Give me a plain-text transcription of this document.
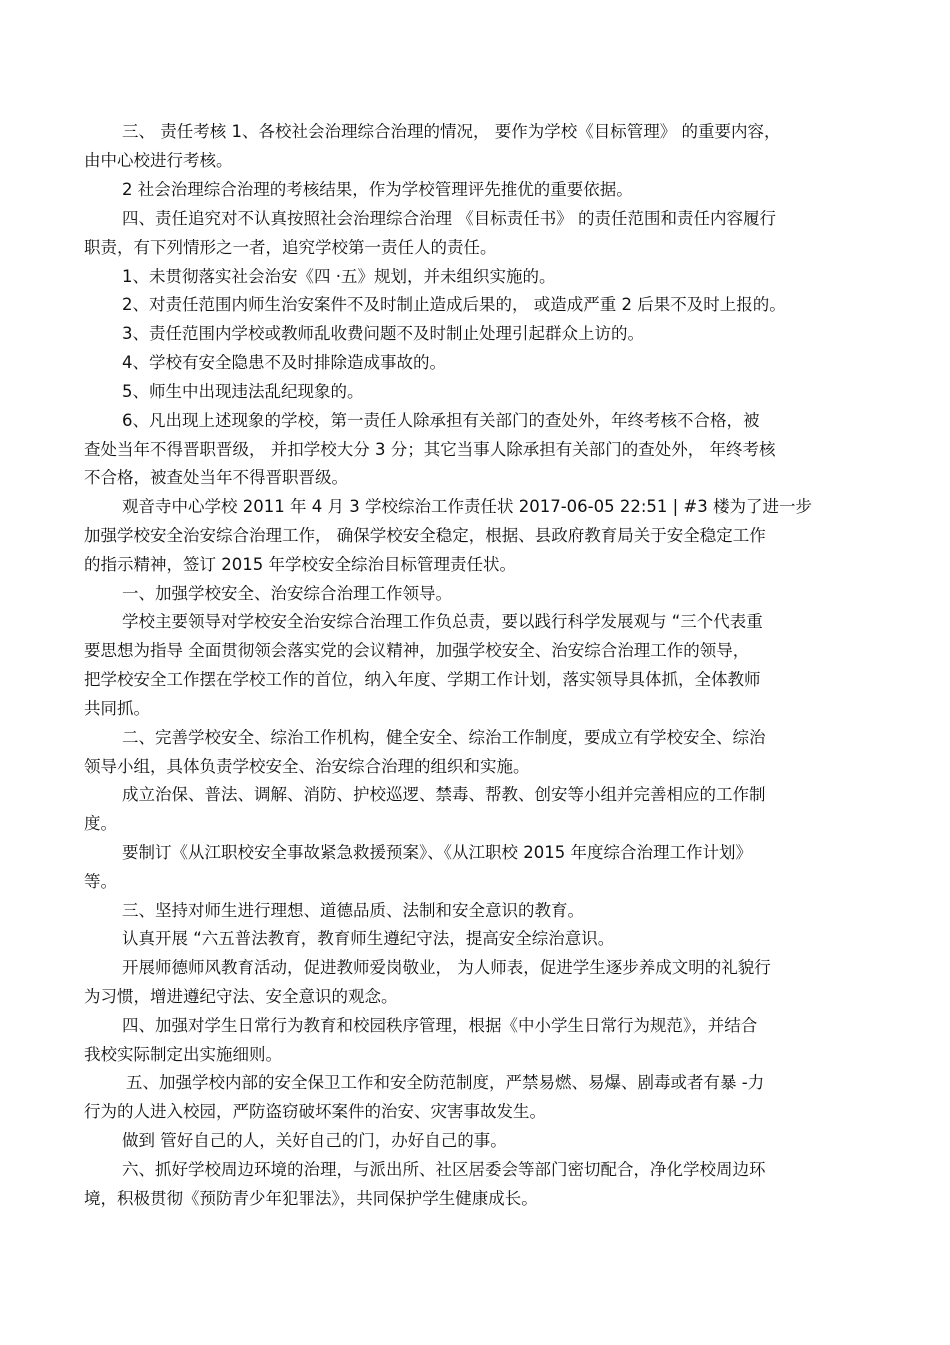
三、 责任考核 1、各校社会治理综合治理的情况， 要作为学校《目标管理》 的重要内容，
由中心校进行考核。
2 社会治理综合治理的考核结果，作为学校管理评先推优的重要依据。
四、责任追究对不认真按照社会治理综合治理 《目标责任书》 的责任范围和责任内容履行
职责，有下列情形之一者，追究学校第一责任人的责任。
1、未贯彻落实社会治安《四 ·五》规划，并未组织实施的。
2、对责任范围内师生治安案件不及时制止造成后果的， 或造成严重 2 后果不及时上报的。
3、责任范围内学校或教师乱收费问题不及时制止处理引起群众上访的。
4、学校有安全隐患不及时排除造成事故的。
5、师生中出现违法乱纪现象的。
6、凡出现上述现象的学校，第一责任人除承担有关部门的查处外，年终考核不合格，被
查处当年不得晋职晋级， 并扣学校大分 3 分；其它当事人除承担有关部门的查处外， 年终考核
不合格，被查处当年不得晋职晋级。
观音寺中心学校 2011 年 4 月 3 学校综治工作责任状 2017-06-05 22:51 | #3 楼为了进一步
加强学校安全治安综合治理工作， 确保学校安全稳定，根据、县政府教育局关于安全稳定工作
的指示精神，签订 2015 年学校安全综治目标管理责任状。
一、加强学校安全、治安综合治理工作领导。
学校主要领导对学校安全治安综合治理工作负总责，要以践行科学发展观与 “三个代表重
要思想为指导 全面贯彻领会落实党的会议精神，加强学校安全、治安综合治理工作的领导，
把学校安全工作摆在学校工作的首位，纳入年度、学期工作计划，落实领导具体抓，全体教师
共同抓。
二、完善学校安全、综治工作机构，健全安全、综治工作制度，要成立有学校安全、综治
领导小组，具体负责学校安全、治安综合治理的组织和实施。
成立治保、普法、调解、消防、护校巡逻、禁毒、帮教、创安等小组并完善相应的工作制
度。
要制订《从江职校安全事故紧急救援预案》、《从江职校 2015 年度综合治理工作计划》
等。
三、坚持对师生进行理想、道德品质、法制和安全意识的教育。
认真开展 “六五普法教育，教育师生遵纪守法，提高安全综治意识。
开展师德师风教育活动，促进教师爱岗敬业， 为人师表，促进学生逐步养成文明的礼貌行
为习惯，增进遵纪守法、安全意识的观念。
四、加强对学生日常行为教育和校园秩序管理，根据《中小学生日常行为规范》，并结合
我校实际制定出实施细则。
五、加强学校内部的安全保卫工作和安全防范制度，严禁易燃、易爆、剧毒或者有暴 -力
行为的人进入校园，严防盗窃破坏案件的治安、灾害事故发生。
做到 管好自己的人，关好自己的门，办好自己的事。
六、抓好学校周边环境的治理，与派出所、社区居委会等部门密切配合，净化学校周边环
境，积极贯彻《预防青少年犯罪法》，共同保护学生健康成长。
